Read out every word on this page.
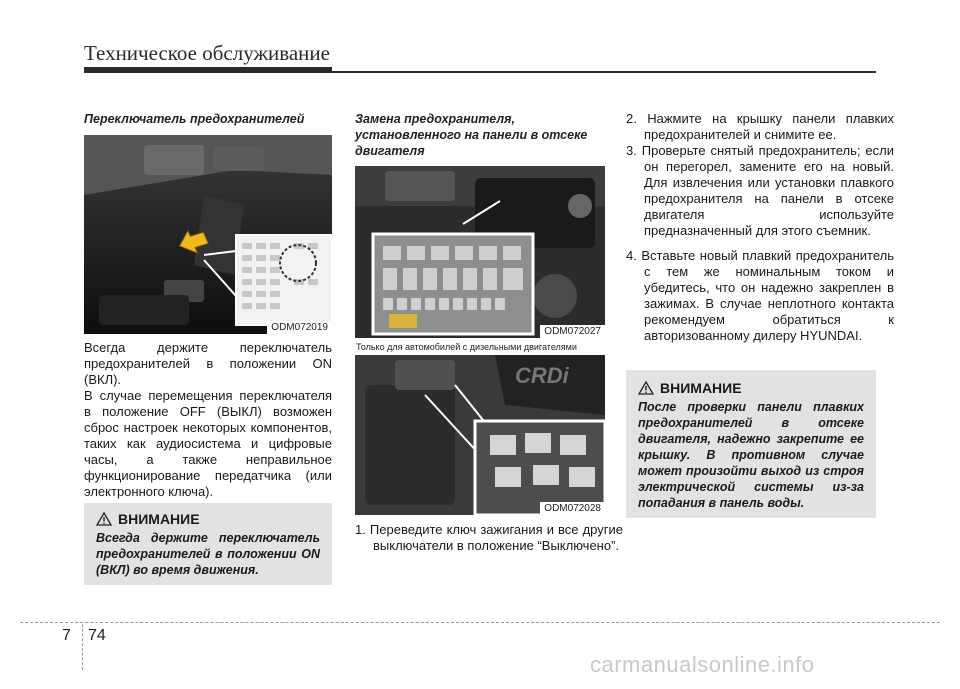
Техническое обслуживание
Переключатель предохранителей
ODM072019
Всегда держите переключатель предохранителей в положении ON (ВКЛ).
В случае перемещения переключателя в положение OFF (ВЫКЛ) возможен сброс настроек некоторых компонентов, таких как аудиосистема и цифровые часы, а также неправильное функционирование передатчика (или электронного ключа).
ВНИМАНИЕ
Всегда держите переключатель предохранителей в положении ON (ВКЛ) во время движения.
Замена предохранителя, установленного на панели в отсеке двигателя
ODM072027
Только для автомобилей с дизельными двигателями
CRDi
ODM072028
1. Переведите ключ зажигания и все другие выключатели в положение “Выключено”.
2. Нажмите на крышку панели плавких предохранителей и снимите ее.
3. Проверьте снятый предохранитель; если он перегорел, замените его на новый. Для извлечения или установки плавкого предохранителя на панели в отсеке двигателя используйте предназначенный для этого съемник.
4. Вставьте новый плавкий предохранитель с тем же номинальным током и убедитесь, что он надежно закреплен в зажимах. В случае неплотного контакта рекомендуем обратиться к авторизованному дилеру HYUNDAI.
ВНИМАНИЕ
После проверки панели плавких предохранителей в отсеке двигателя, надежно закрепите ее крышку. В противном случае может произойти выход из строя электрической системы из-за попадания в панель воды.
7 74
carmanualsonline.info
